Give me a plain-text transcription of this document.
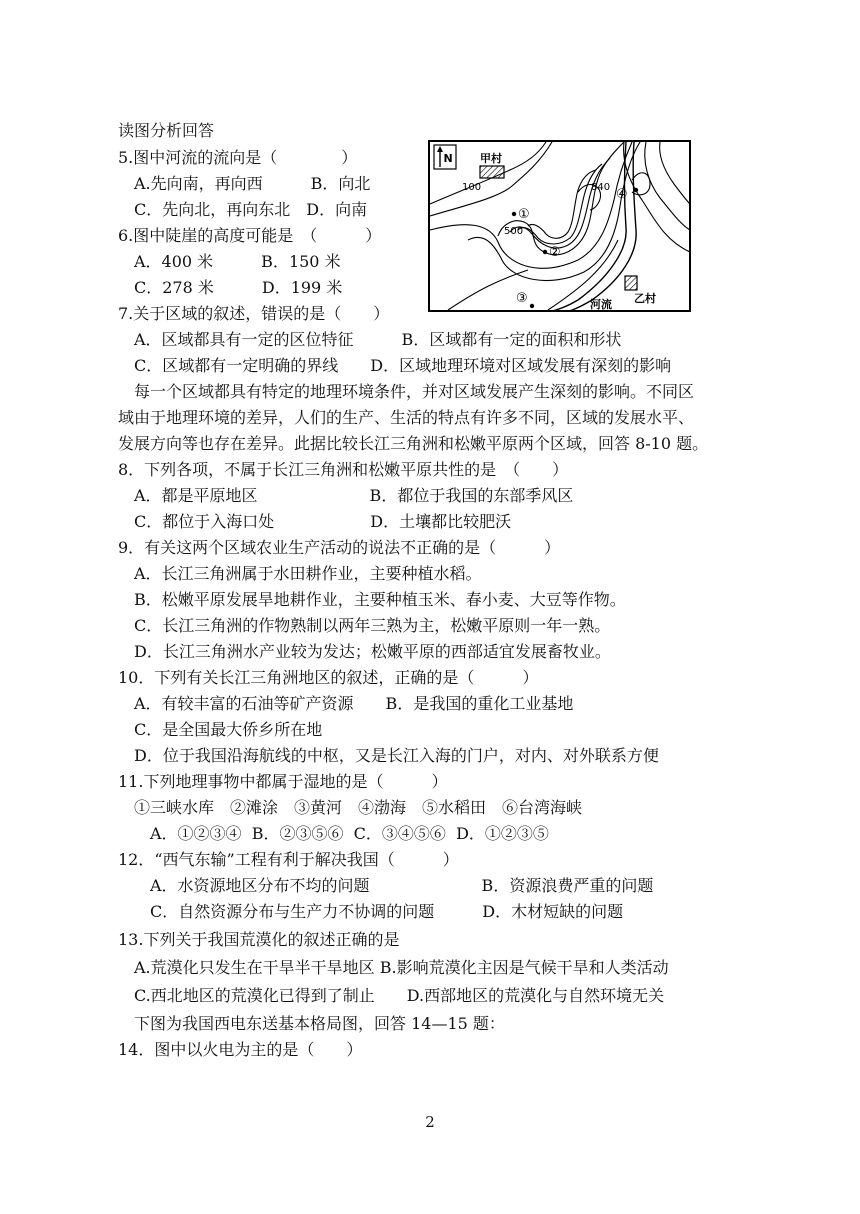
读图分析回答
5.图中河流的流向是（　　　　）
　A.先向南，再向西　　　B．向北
　C．先向北，再向东北　D．向南
6.图中陡崖的高度可能是　（　　　）
　A．400 米　　　B．150 米
　C．278 米　　　D．199 米
7.关于区域的叙述，错误的是（　　）
　A．区域都具有一定的区位特征　　　B．区域都有一定的面积和形状
　C．区域都有一定明确的界线　　D．区域地理环境对区域发展有深刻的影响
　每一个区域都具有特定的地理环境条件，并对区域发展产生深刻的影响。不同区
域由于地理环境的差异，人们的生产、生活的特点有许多不同，区域的发展水平、
发展方向等也存在差异。此据比较长江三角洲和松嫩平原两个区域，回答 8-10 题。
8．下列各项，不属于长江三角洲和松嫩平原共性的是　（　　）
　A．都是平原地区　　　　　　　B．都位于我国的东部季风区
　C．都位于入海口处　　　　　　D．土壤都比较肥沃
9．有关这两个区域农业生产活动的说法不正确的是（　　　）
　A．长江三角洲属于水田耕作业，主要种植水稻。
　B．松嫩平原发展旱地耕作业，主要种植玉米、春小麦、大豆等作物。
　C．长江三角洲的作物熟制以两年三熟为主，松嫩平原则一年一熟。
　D．长江三角洲水产业较为发达；松嫩平原的西部适宜发展畜牧业。
10．下列有关长江三角洲地区的叙述，正确的是（　　　）
　A．有较丰富的石油等矿产资源　　B．是我国的重化工业基地
　C．是全国最大侨乡所在地
　D．位于我国沿海航线的中枢，又是长江入海的门户，对内、对外联系方便
11.下列地理事物中都属于湿地的是（　　　）
　①三峡水库　②滩涂　③黄河　④渤海　⑤水稻田　⑥台湾海峡
　　A．①②③④  B．②③⑤⑥  C．③④⑤⑥  D．①②③⑤
12．“西气东输”工程有利于解决我国（　　　）
　　A．水资源地区分布不均的问题　　　　　　　B．资源浪费严重的问题
　　C．自然资源分布与生产力不协调的问题　　　D．木材短缺的问题
13.下列关于我国荒漠化的叙述正确的是
　A.荒漠化只发生在干旱半干旱地区 B.影响荒漠化主因是气候干旱和人类活动
　C.西北地区的荒漠化已得到了制止　　D.西部地区的荒漠化与自然环境无关
　下图为我国西电东送基本格局图，回答 14—15 题：
14．图中以火电为主的是（　　）
N 甲村
乙村
河流
100
500
840
①
②
③
④
2
